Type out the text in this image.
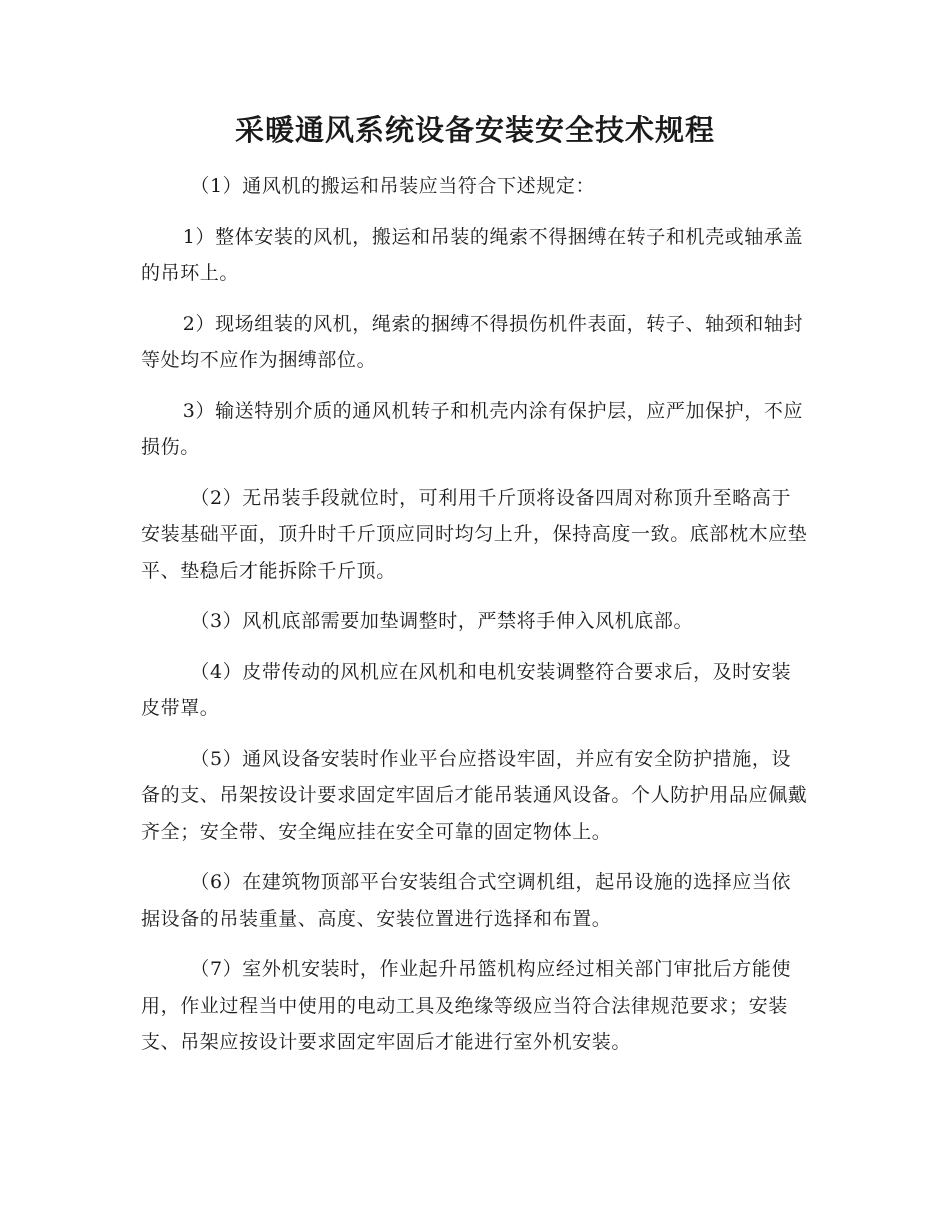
采暖通风系统设备安装安全技术规程

（1）通风机的搬运和吊装应当符合下述规定：

1）整体安装的风机，搬运和吊装的绳索不得捆缚在转子和机壳或轴承盖的吊环上。

2）现场组装的风机，绳索的捆缚不得损伤机件表面，转子、轴颈和轴封等处均不应作为捆缚部位。

3）输送特别介质的通风机转子和机壳内涂有保护层，应严加保护，不应损伤。

（2）无吊装手段就位时，可利用千斤顶将设备四周对称顶升至略高于安装基础平面，顶升时千斤顶应同时均匀上升，保持高度一致。底部枕木应垫平、垫稳后才能拆除千斤顶。

（3）风机底部需要加垫调整时，严禁将手伸入风机底部。

（4）皮带传动的风机应在风机和电机安装调整符合要求后，及时安装皮带罩。

（5）通风设备安装时作业平台应搭设牢固，并应有安全防护措施，设备的支、吊架按设计要求固定牢固后才能吊装通风设备。个人防护用品应佩戴齐全；安全带、安全绳应挂在安全可靠的固定物体上。

（6）在建筑物顶部平台安装组合式空调机组，起吊设施的选择应当依据设备的吊装重量、高度、安装位置进行选择和布置。

（7）室外机安装时，作业起升吊篮机构应经过相关部门审批后方能使用，作业过程当中使用的电动工具及绝缘等级应当符合法律规范要求；安装支、吊架应按设计要求固定牢固后才能进行室外机安装。
